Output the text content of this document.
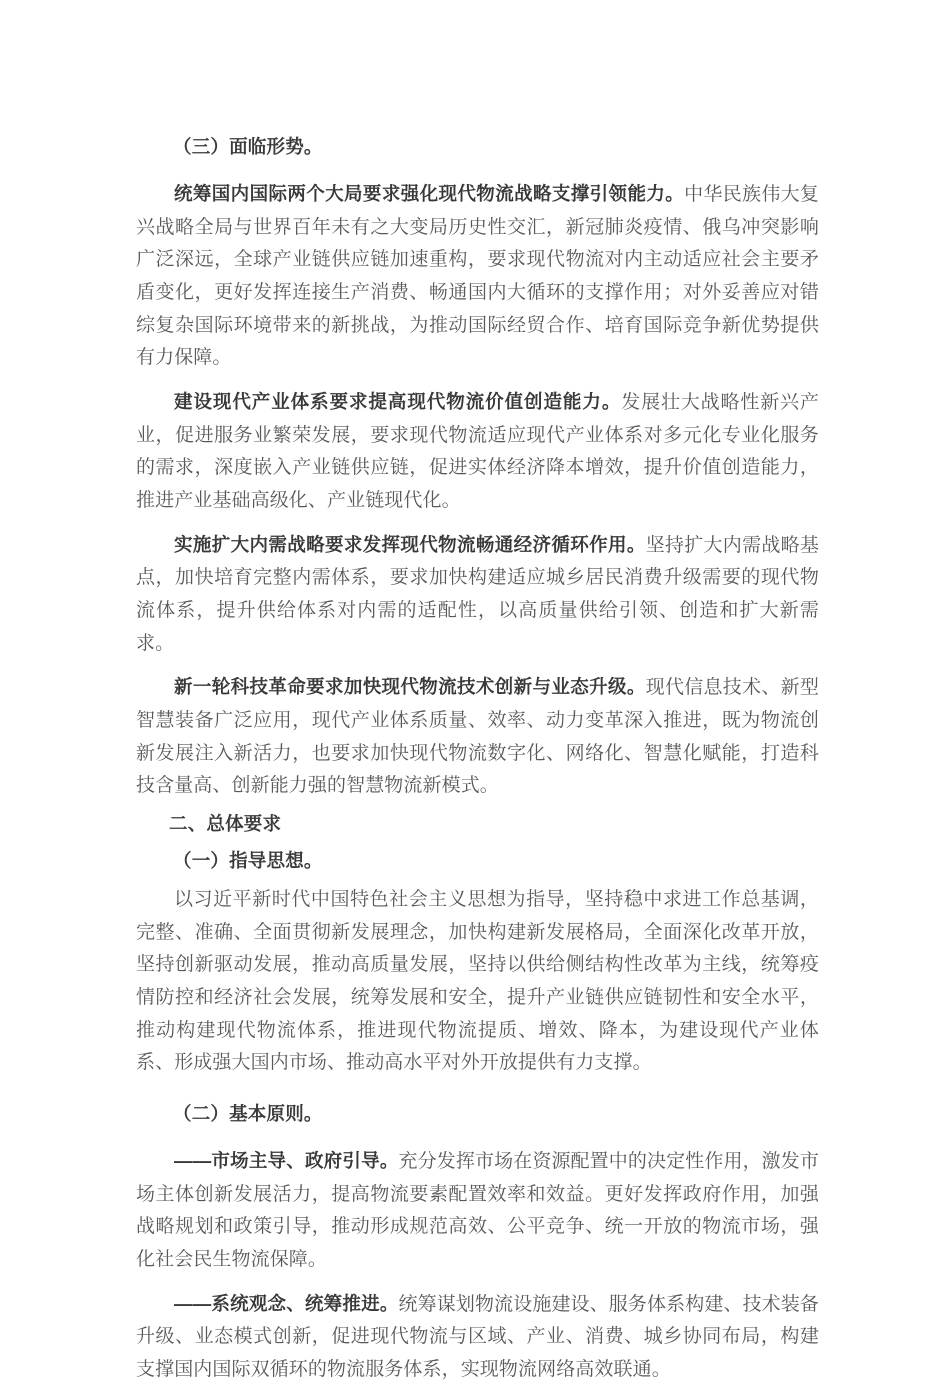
（三）面临形势。

统筹国内国际两个大局要求强化现代物流战略支撑引领能力。中华民族伟大复兴战略全局与世界百年未有之大变局历史性交汇，新冠肺炎疫情、俄乌冲突影响广泛深远，全球产业链供应链加速重构，要求现代物流对内主动适应社会主要矛盾变化，更好发挥连接生产消费、畅通国内大循环的支撑作用；对外妥善应对错综复杂国际环境带来的新挑战，为推动国际经贸合作、培育国际竞争新优势提供有力保障。

建设现代产业体系要求提高现代物流价值创造能力。发展壮大战略性新兴产业，促进服务业繁荣发展，要求现代物流适应现代产业体系对多元化专业化服务的需求，深度嵌入产业链供应链，促进实体经济降本增效，提升价值创造能力，推进产业基础高级化、产业链现代化。

实施扩大内需战略要求发挥现代物流畅通经济循环作用。坚持扩大内需战略基点，加快培育完整内需体系，要求加快构建适应城乡居民消费升级需要的现代物流体系，提升供给体系对内需的适配性，以高质量供给引领、创造和扩大新需求。

新一轮科技革命要求加快现代物流技术创新与业态升级。现代信息技术、新型智慧装备广泛应用，现代产业体系质量、效率、动力变革深入推进，既为物流创新发展注入新活力，也要求加快现代物流数字化、网络化、智慧化赋能，打造科技含量高、创新能力强的智慧物流新模式。

二、总体要求

（一）指导思想。

以习近平新时代中国特色社会主义思想为指导，坚持稳中求进工作总基调，完整、准确、全面贯彻新发展理念，加快构建新发展格局，全面深化改革开放，坚持创新驱动发展，推动高质量发展，坚持以供给侧结构性改革为主线，统筹疫情防控和经济社会发展，统筹发展和安全，提升产业链供应链韧性和安全水平，推动构建现代物流体系，推进现代物流提质、增效、降本，为建设现代产业体系、形成强大国内市场、推动高水平对外开放提供有力支撑。

（二）基本原则。

——市场主导、政府引导。充分发挥市场在资源配置中的决定性作用，激发市场主体创新发展活力，提高物流要素配置效率和效益。更好发挥政府作用，加强战略规划和政策引导，推动形成规范高效、公平竞争、统一开放的物流市场，强化社会民生物流保障。

——系统观念、统筹推进。统筹谋划物流设施建设、服务体系构建、技术装备升级、业态模式创新，促进现代物流与区域、产业、消费、城乡协同布局，构建支撑国内国际双循环的物流服务体系，实现物流网络高效联通。
